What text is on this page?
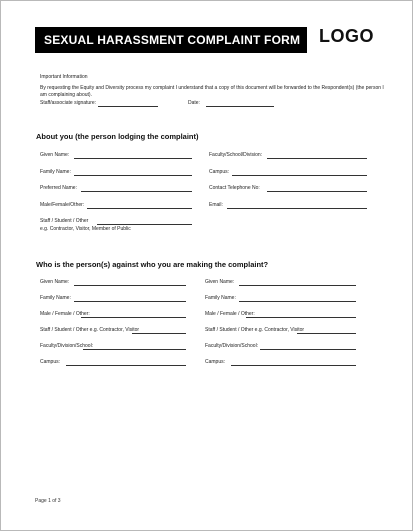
SEXUAL HARASSMENT COMPLAINT FORM	LOGO
Important Information
By requesting the Equity and Diversity process my complaint I understand that a copy of this document will be forwarded to the Respondent(s) (the person I am complaining about).
Staff/associate signature:	Date:
About you (the person lodging the complaint)
Given Name:
Family Name:
Preferred Name:
Male/Female/Other:
Faculty/School/Division:
Campus:
Contact Telephone No:
Email:
Staff / Student / Other
e.g. Contractor, Visitor, Member of Public
Who is the person(s) against who you are making the complaint?
Given Name:
Family Name:
Male / Female / Other:
Staff / Student / Other e.g. Contractor, Visitor
Faculty/Division/School:
Campus:
Given Name:
Family Name:
Male / Female / Other:
Staff / Student / Other e.g. Contractor, Visitor
Faculty/Division/School:
Campus:
Page 1 of 3
